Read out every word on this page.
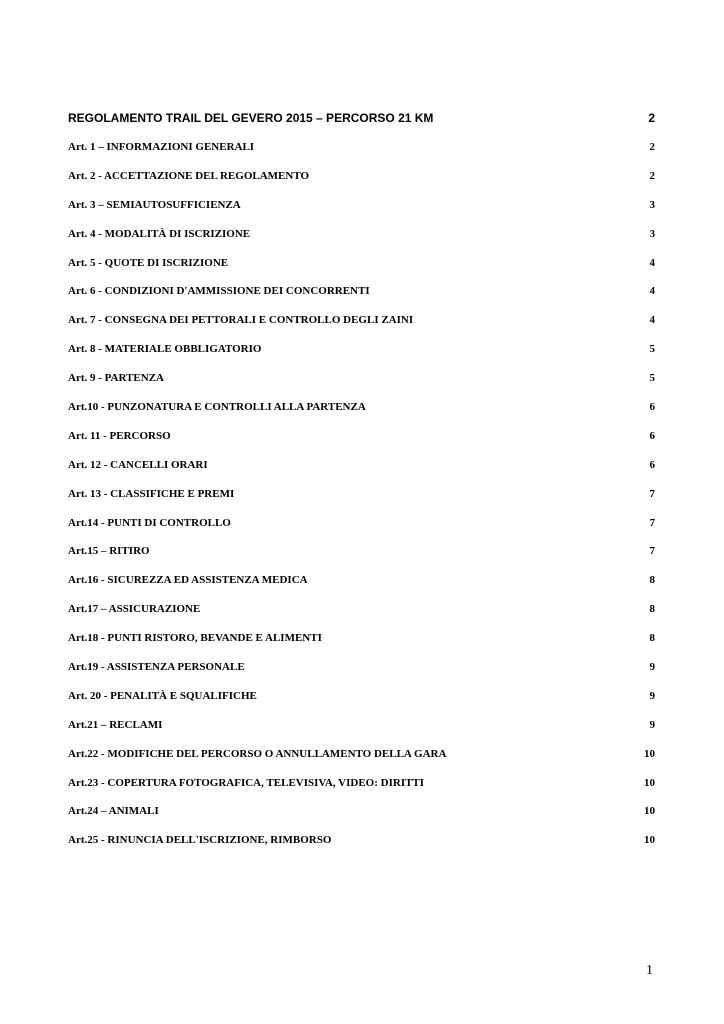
REGOLAMENTO TRAIL DEL GEVERO 2015 – PERCORSO 21 KM	2
Art. 1 – INFORMAZIONI GENERALI	2
Art. 2 - ACCETTAZIONE DEL REGOLAMENTO	2
Art. 3 – SEMIAUTOSUFFICIENZA	3
Art. 4 - MODALITÀ DI ISCRIZIONE	3
Art. 5 - QUOTE DI ISCRIZIONE	4
Art. 6 - CONDIZIONI D'AMMISSIONE DEI CONCORRENTI	4
Art. 7 - CONSEGNA DEI PETTORALI E CONTROLLO DEGLI ZAINI	4
Art. 8 - MATERIALE OBBLIGATORIO	5
Art. 9 - PARTENZA	5
Art.10 - PUNZONATURA E CONTROLLI ALLA PARTENZA	6
Art. 11 - PERCORSO	6
Art. 12 - CANCELLI ORARI	6
Art. 13 - CLASSIFICHE E PREMI	7
Art.14 - PUNTI DI CONTROLLO	7
Art.15 – RITIRO	7
Art.16 - SICUREZZA ED ASSISTENZA MEDICA	8
Art.17 – ASSICURAZIONE	8
Art.18 - PUNTI RISTORO, BEVANDE E ALIMENTI	8
Art.19 - ASSISTENZA PERSONALE	9
Art. 20 - PENALITÀ E SQUALIFICHE	9
Art.21 – RECLAMI	9
Art.22 - MODIFICHE DEL PERCORSO O ANNULLAMENTO DELLA GARA	10
Art.23 - COPERTURA FOTOGRAFICA, TELEVISIVA, VIDEO: DIRITTI	10
Art.24 – ANIMALI	10
Art.25 - RINUNCIA DELL'ISCRIZIONE, RIMBORSO	10
1
